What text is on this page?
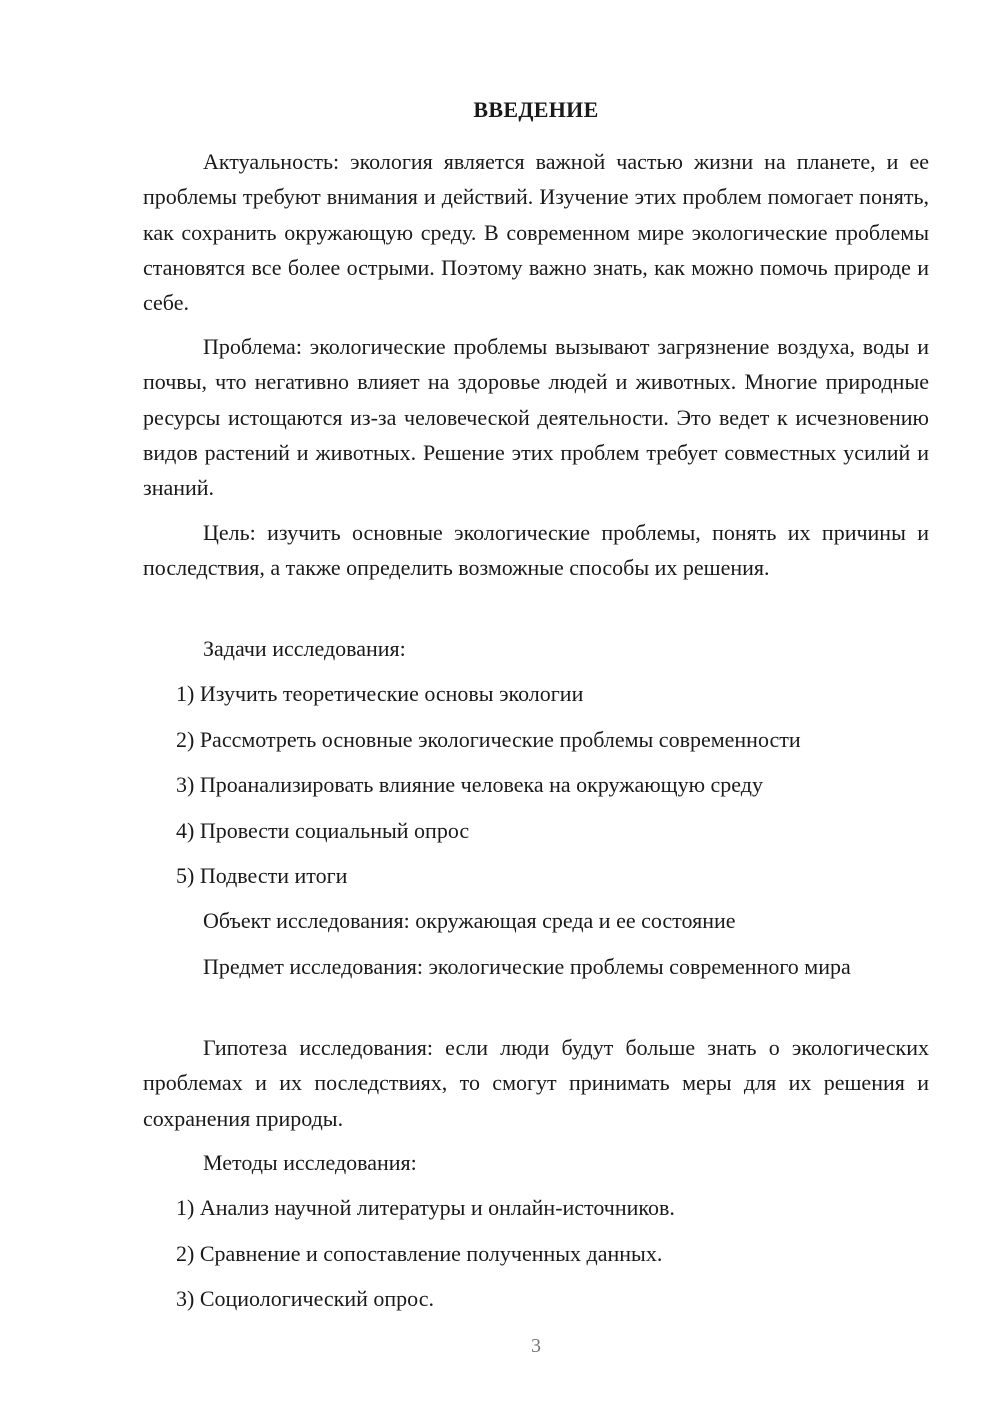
ВВЕДЕНИЕ
Актуальность: экология является важной частью жизни на планете, и ее проблемы требуют внимания и действий. Изучение этих проблем помогает понять, как сохранить окружающую среду. В современном мире экологические проблемы становятся все более острыми. Поэтому важно знать, как можно помочь природе и себе.
Проблема: экологические проблемы вызывают загрязнение воздуха, воды и почвы, что негативно влияет на здоровье людей и животных. Многие природные ресурсы истощаются из-за человеческой деятельности. Это ведет к исчезновению видов растений и животных. Решение этих проблем требует совместных усилий и знаний.
Цель: изучить основные экологические проблемы, понять их причины и последствия, а также определить возможные способы их решения.
Задачи исследования:
1) Изучить теоретические основы экологии
2) Рассмотреть основные экологические проблемы современности
3) Проанализировать влияние человека на окружающую среду
4) Провести социальный опрос
5) Подвести итоги
Объект исследования: окружающая среда и ее состояние
Предмет исследования: экологические проблемы современного мира
Гипотеза исследования: если люди будут больше знать о экологических проблемах и их последствиях, то смогут принимать меры для их решения и сохранения природы.
Методы исследования:
1) Анализ научной литературы и онлайн-источников.
2) Сравнение и сопоставление полученных данных.
3) Социологический опрос.
3
